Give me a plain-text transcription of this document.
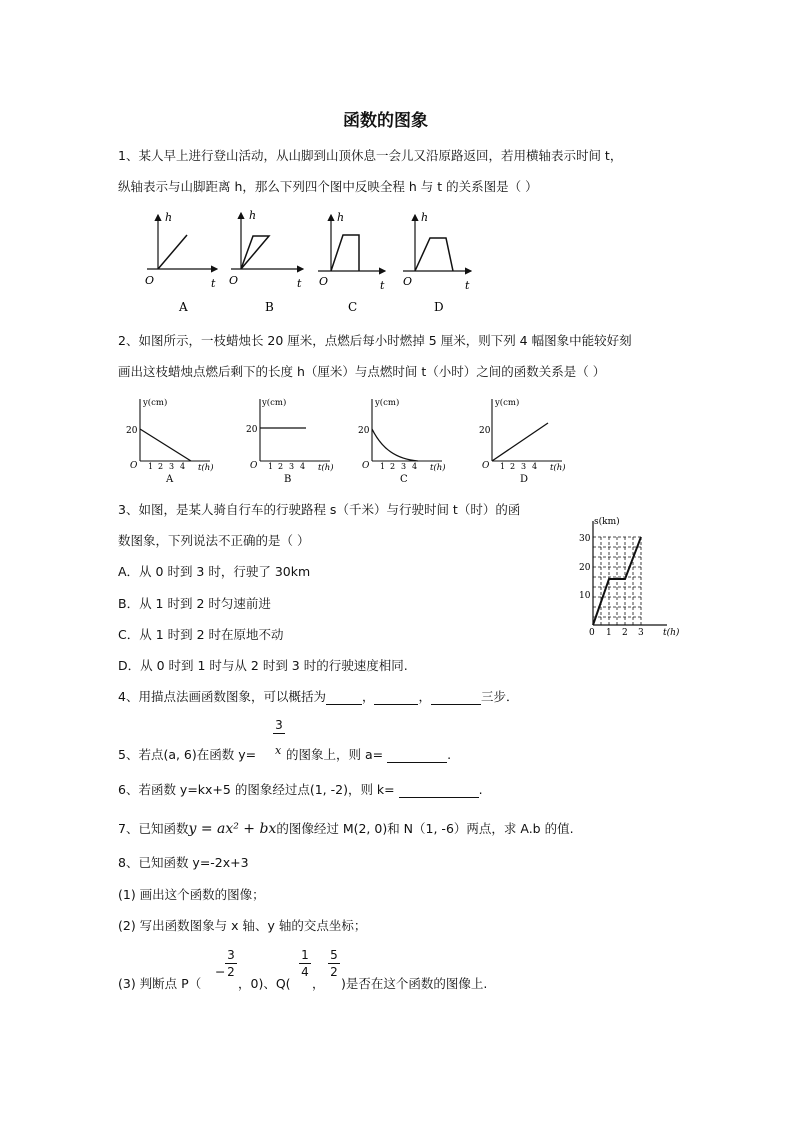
函数的图象
1、某人早上进行登山活动，从山脚到山顶休息一会儿又沿原路返回，若用横轴表示时间 t，
纵轴表示与山脚距离 h，那么下列四个图中反映全程 h 与 t 的关系图是（ ）
h
t
O
A
h
t
O
B
h
t
O
C
h
t
O
D
2、如图所示，一枝蜡烛长 20 厘米，点燃后每小时燃掉 5 厘米，则下列 4 幅图象中能较好刻
画出这枝蜡烛点燃后剩下的长度 h（厘米）与点燃时间 t（小时）之间的函数关系是（ ）
y(cm)
20
O 1 2 3 4 t(h)
A
y(cm)
20
O 1 2 3 4 t(h)
B
y(cm)
20
O 1 2 3 4 t(h)
C
y(cm)
20
O 1 2 3 4 t(h)
D
3、如图，是某人骑自行车的行驶路程 s（千米）与行驶时间 t（时）的函
数图象，下列说法不正确的是（ ）
A．从 0 时到 3 时，行驶了 30km
B．从 1 时到 2 时匀速前进
C．从 1 时到 2 时在原地不动
D．从 0 时到 1 时与从 2 时到 3 时的行驶速度相同.
s(km)
30
20
10
0 1 2 3 t(h)
4、用描点法画函数图象，可以概括为	，	，	三步．
5、若点(a, 6)在函数 y=
3
x 的图象上，则 a=	.
6、若函数 y=kx+5 的图象经过点(1, -2)，则 k=	.
7、已知函数y = ax² + bx的图像经过 M(2, 0)和 N（1, -6）两点，求 A.b 的值.
8、已知函数 y=-2x+3
(1) 画出这个函数的图像；
(2) 写出函数图象与 x 轴、y 轴的交点坐标；
(3) 判断点 P（
−
3
2
，0)、Q(
1
4
，
5
2
)是否在这个函数的图像上.
